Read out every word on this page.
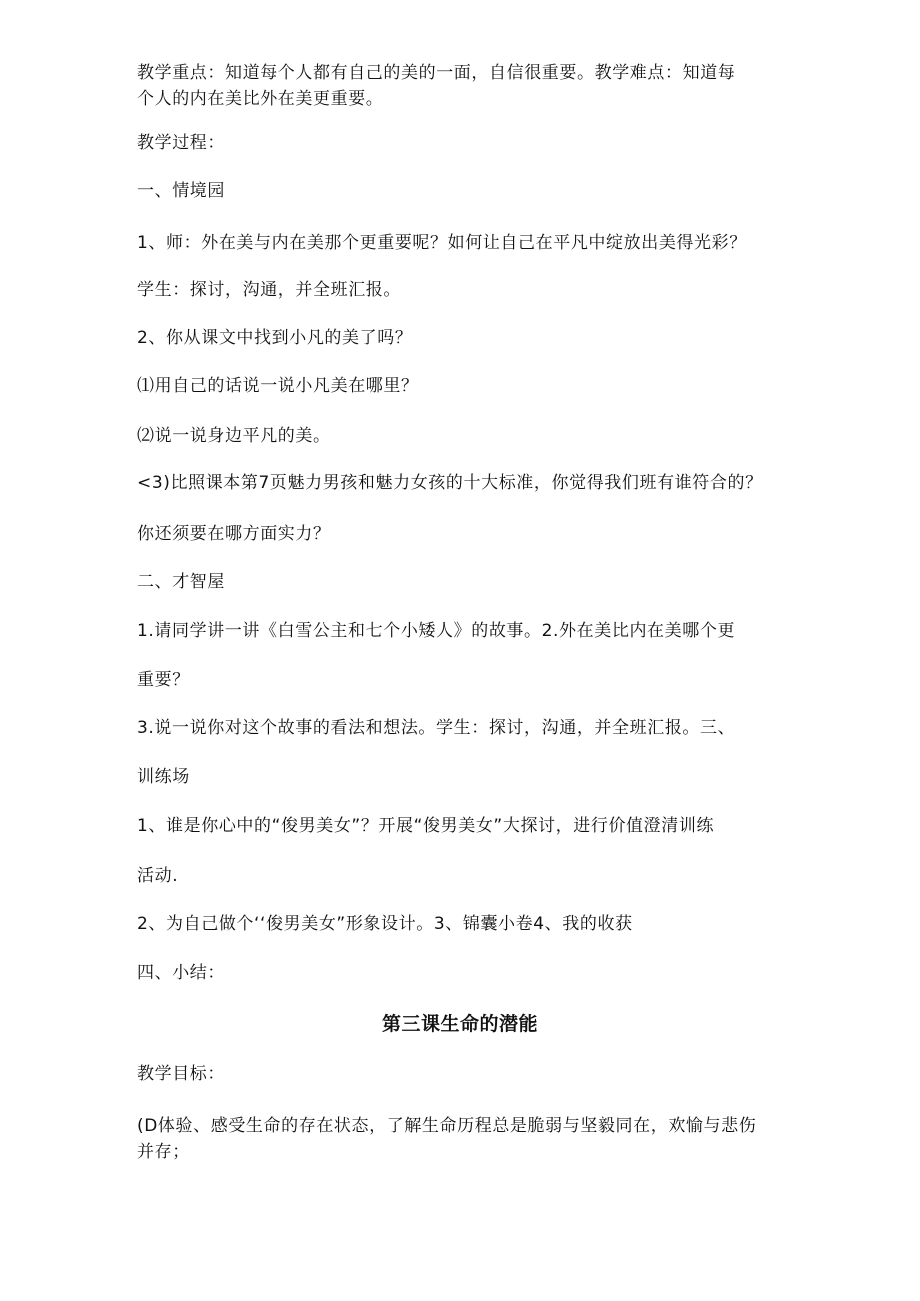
教学重点：知道每个人都有自己的美的一面，自信很重要。教学难点：知道每
个人的内在美比外在美更重要。
教学过程：
一、情境园
1、师：外在美与内在美那个更重要呢？如何让自己在平凡中绽放出美得光彩？
学生：探讨，沟通，并全班汇报。
2、你从课文中找到小凡的美了吗？
⑴用自己的话说一说小凡美在哪里？
⑵说一说身边平凡的美。
<3)比照课本第7页魅力男孩和魅力女孩的十大标准，你觉得我们班有谁符合的？
你还须要在哪方面实力？
二、才智屋
1.请同学讲一讲《白雪公主和七个小矮人》的故事。2.外在美比内在美哪个更
重要？
3.说一说你对这个故事的看法和想法。学生：探讨，沟通，并全班汇报。三、
训练场
1、谁是你心中的“俊男美女”？开展“俊男美女”大探讨，进行价值澄清训练
活动.
2、为自己做个‘‘俊男美女”形象设计。3、锦囊小卷4、我的收获
四、小结：
第三课生命的潜能
教学目标：
(D体验、感受生命的存在状态，了解生命历程总是脆弱与坚毅同在，欢愉与悲伤
并存；
